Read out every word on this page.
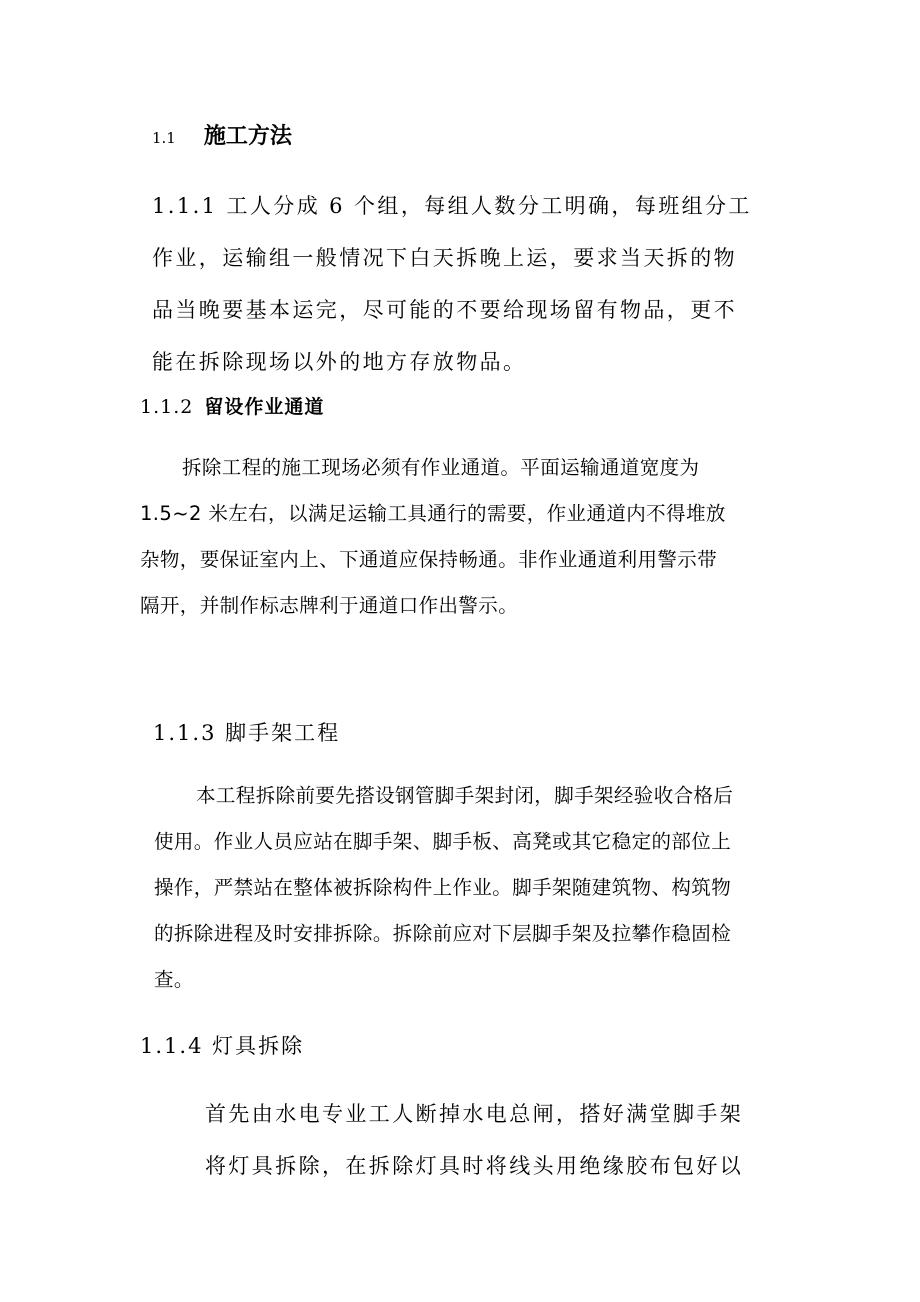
1.1 施工方法
1.1.1 工人分成 6 个组，每组人数分工明确，每班组分工
作业，运输组一般情况下白天拆晚上运，要求当天拆的物
品当晚要基本运完，尽可能的不要给现场留有物品，更不
能在拆除现场以外的地方存放物品。
1.1.2 留设作业通道
拆除工程的施工现场必须有作业通道。平面运输通道宽度为
1.5~2 米左右，以满足运输工具通行的需要，作业通道内不得堆放
杂物，要保证室内上、下通道应保持畅通。非作业通道利用警示带
隔开，并制作标志牌利于通道口作出警示。
1.1.3 脚手架工程
本工程拆除前要先搭设钢管脚手架封闭，脚手架经验收合格后
使用。作业人员应站在脚手架、脚手板、高凳或其它稳定的部位上
操作，严禁站在整体被拆除构件上作业。脚手架随建筑物、构筑物
的拆除进程及时安排拆除。拆除前应对下层脚手架及拉攀作稳固检
查。
1.1.4 灯具拆除
首先由水电专业工人断掉水电总闸，搭好满堂脚手架
将灯具拆除，在拆除灯具时将线头用绝缘胶布包好以
